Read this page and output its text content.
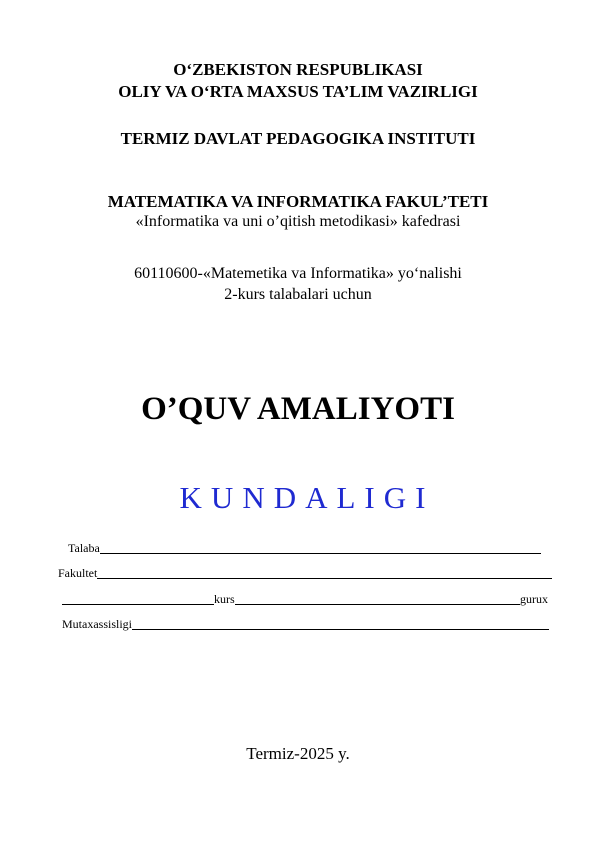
O‘ZBEKISTON RESPUBLIKASI
OLIY VA O‘RTA MAXSUS TA’LIM VAZIRLIGI
TERMIZ DAVLAT PEDAGOGIKA INSTITUTI
MATEMATIKA VA INFORMATIKA FAKUL’TETI
«Informatika va uni o’qitish metodikasi» kafedrasi
60110600-«Matemetika va Informatika» yo‘nalishi
2-kurs talabalari uchun
O’QUV AMALIYOTI
KUNDALIGI
Talaba
Fakultet
kurs	gurux
Mutaxassisligi
Termiz-2025 y.
